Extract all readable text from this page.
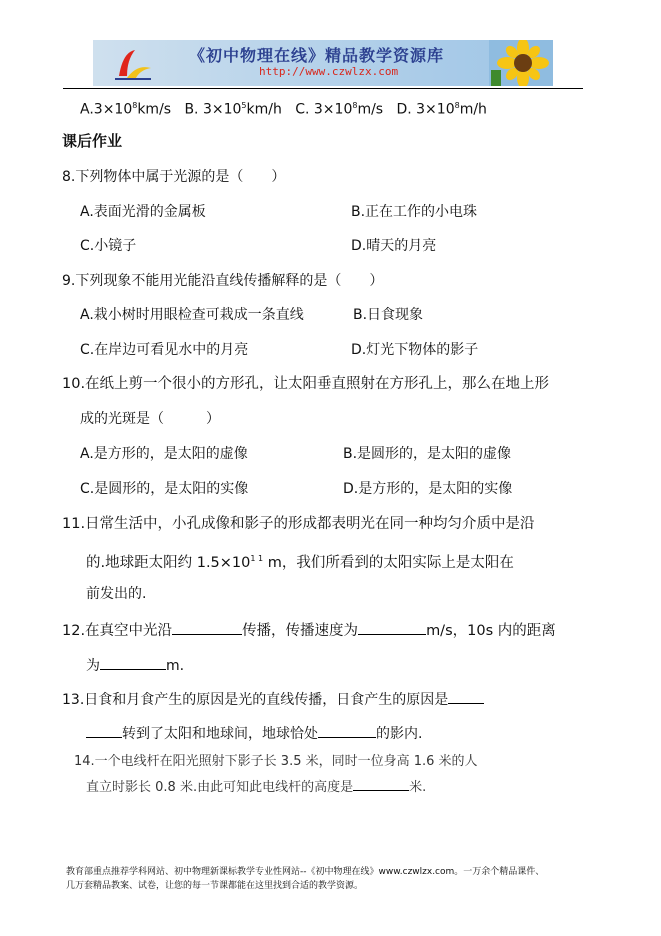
《初中物理在线》精品教学资源库
http://www.czwlzx.com
$A.3\times 10^8km/s$ B. $3\times 10^5km/h$ C. $3\times 10^8m/s$ D. $3\times 10^8m/h$
课后作业
8.下列物体中属于光源的是（　　）
A.表面光滑的金属板	B.正在工作的小电珠
C.小镜子	D.晴天的月亮
9.下列现象不能用光能沿直线传播解释的是（　　）
A.栽小树时用眼检查可栽成一条直线	B.日食现象
C.在岸边可看见水中的月亮	D.灯光下物体的影子
10.在纸上剪一个很小的方形孔，让太阳垂直照射在方形孔上，那么在地上形
成的光斑是（　　　）
A.是方形的，是太阳的虚像	B.是圆形的，是太阳的虚像
C.是圆形的，是太阳的实像	D.是方形的，是太阳的实像
11.日常生活中，小孔成像和影子的形成都表明光在同一种均匀介质中是沿
的.地球距太阳约 $1.5\times 10^{1 1}$ m，我们所看到的太阳实际上是太阳在
前发出的.
12.在真空中光沿	传播，传播速度为	m/s，10s 内的距离
为	m.
13.日食和月食产生的原因是光的直线传播，日食产生的原因是
转到了太阳和地球间，地球恰处	的影内.
14.一个电线杆在阳光照射下影子长 3.5 米，同时一位身高 1.6 米的人
直立时影长 0.8 米.由此可知此电线杆的高度是	米.
教育部重点推荐学科网站、初中物理新课标教学专业性网站--《初中物理在线》www.czwlzx.com。一万余个精品课件、
几万套精品教案、试卷，让您的每一节课都能在这里找到合适的教学资源。
